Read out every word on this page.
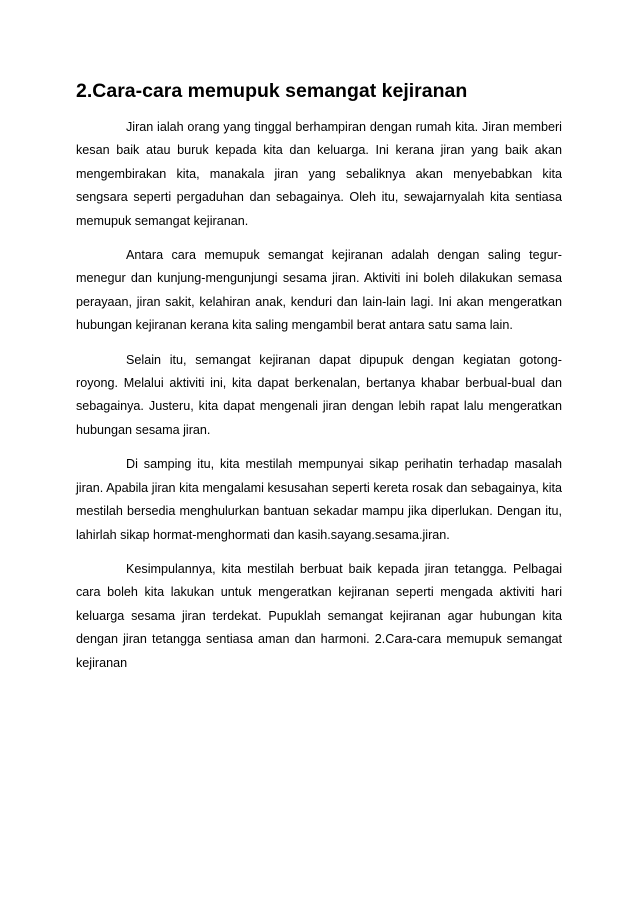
2.Cara-cara memupuk semangat kejiranan

Jiran ialah orang yang tinggal berhampiran dengan rumah kita. Jiran memberi kesan baik atau buruk kepada kita dan keluarga. Ini kerana jiran yang baik akan mengembirakan kita, manakala jiran yang sebaliknya akan menyebabkan kita sengsara seperti pergaduhan dan sebagainya. Oleh itu, sewajarnyalah kita sentiasa memupuk semangat kejiranan.

Antara cara memupuk semangat kejiranan adalah dengan saling tegur-menegur dan kunjung-mengunjungi sesama jiran. Aktiviti ini boleh dilakukan semasa perayaan, jiran sakit, kelahiran anak, kenduri dan lain-lain lagi. Ini akan mengeratkan hubungan kejiranan kerana kita saling mengambil berat antara satu sama lain.

Selain itu, semangat kejiranan dapat dipupuk dengan kegiatan gotong-royong. Melalui aktiviti ini, kita dapat berkenalan, bertanya khabar berbual-bual dan sebagainya. Justeru, kita dapat mengenali jiran dengan lebih rapat lalu mengeratkan hubungan sesama jiran.

Di samping itu, kita mestilah mempunyai sikap perihatin terhadap masalah jiran. Apabila jiran kita mengalami kesusahan seperti kereta rosak dan sebagainya, kita mestilah bersedia menghulurkan bantuan sekadar mampu jika diperlukan. Dengan itu, lahirlah sikap hormat-menghormati dan kasih.sayang.sesama.jiran.

Kesimpulannya, kita mestilah berbuat baik kepada jiran tetangga. Pelbagai cara boleh kita lakukan untuk mengeratkan kejiranan seperti mengada aktiviti hari keluarga sesama jiran terdekat. Pupuklah semangat kejiranan agar hubungan kita dengan jiran tetangga sentiasa aman dan harmoni. 2.Cara-cara memupuk semangat kejiranan
